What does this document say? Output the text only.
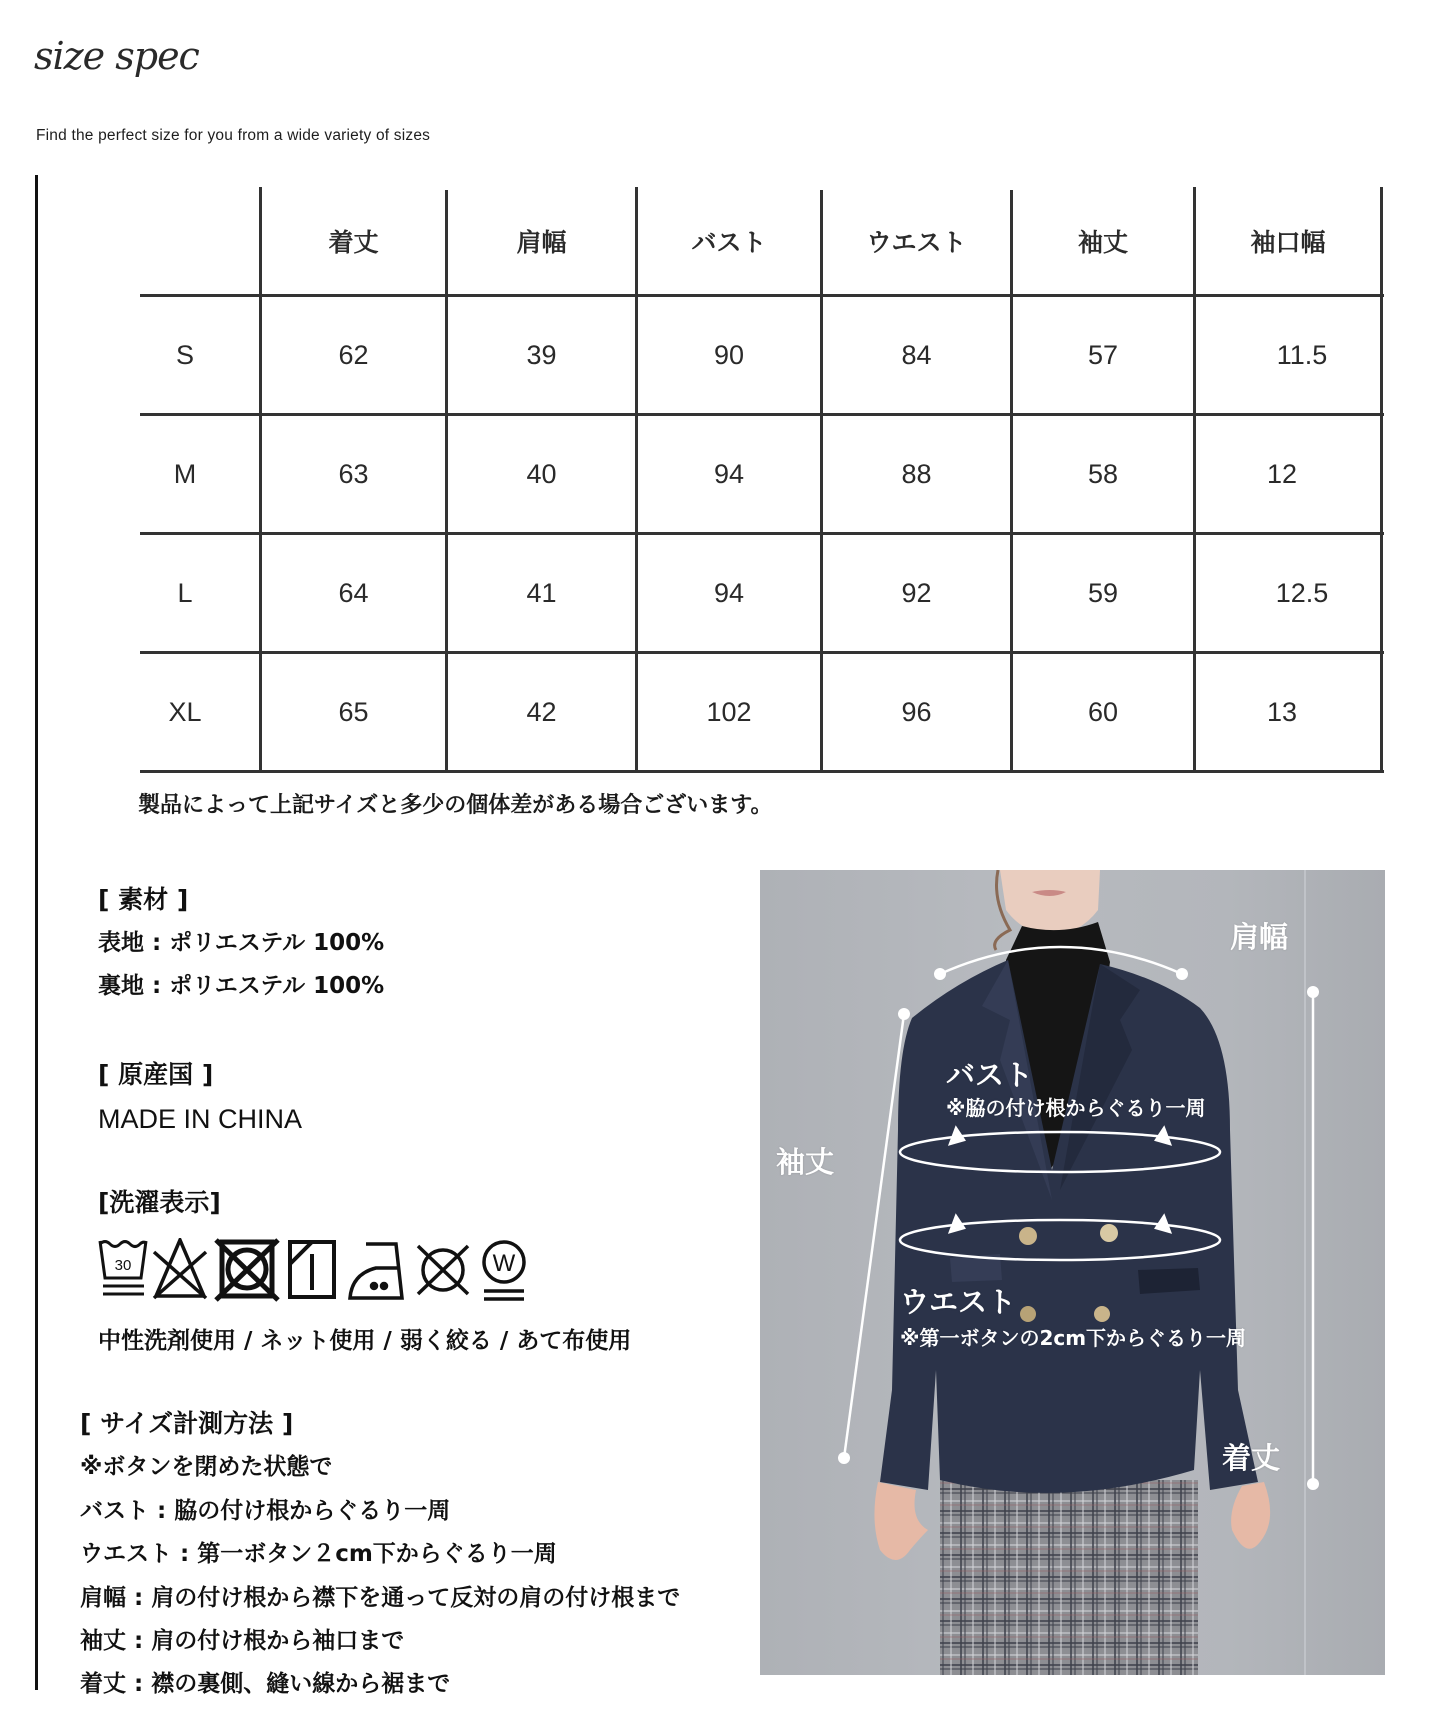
Find the perfect size for you from a wide variety of sizes
着丈	肩幅	バスト	ウエスト	袖丈	袖口幅
S	62	39	90	84	57	11.5
M	63	40	94	88	58	12
L	64	41	94	92	59	12.5
XL	65	42	102	96	60	13
製品によって上記サイズと多少の個体差がある場合ございます。
[ 素材 ]
表地 : ポリエステル 100%
裏地 : ポリエステル 100%
[ 原産国 ]
MADE IN CHINA
[洗濯表示]
30	W
中性洗剤使用 / ネット使用 / 弱く絞る / あて布使用
[ サイズ計測方法 ]
※ボタンを閉めた状態で
バスト : 脇の付け根からぐるり一周
ウエスト : 第一ボタン２cm下からぐるり一周
肩幅 : 肩の付け根から襟下を通って反対の肩の付け根まで
袖丈 : 肩の付け根から袖口まで
着丈 : 襟の裏側、縫い線から裾まで
肩幅
バスト
※脇の付け根からぐるり一周
袖丈
ウエスト
※第一ボタンの2cm下からぐるり一周
着丈
size spec
